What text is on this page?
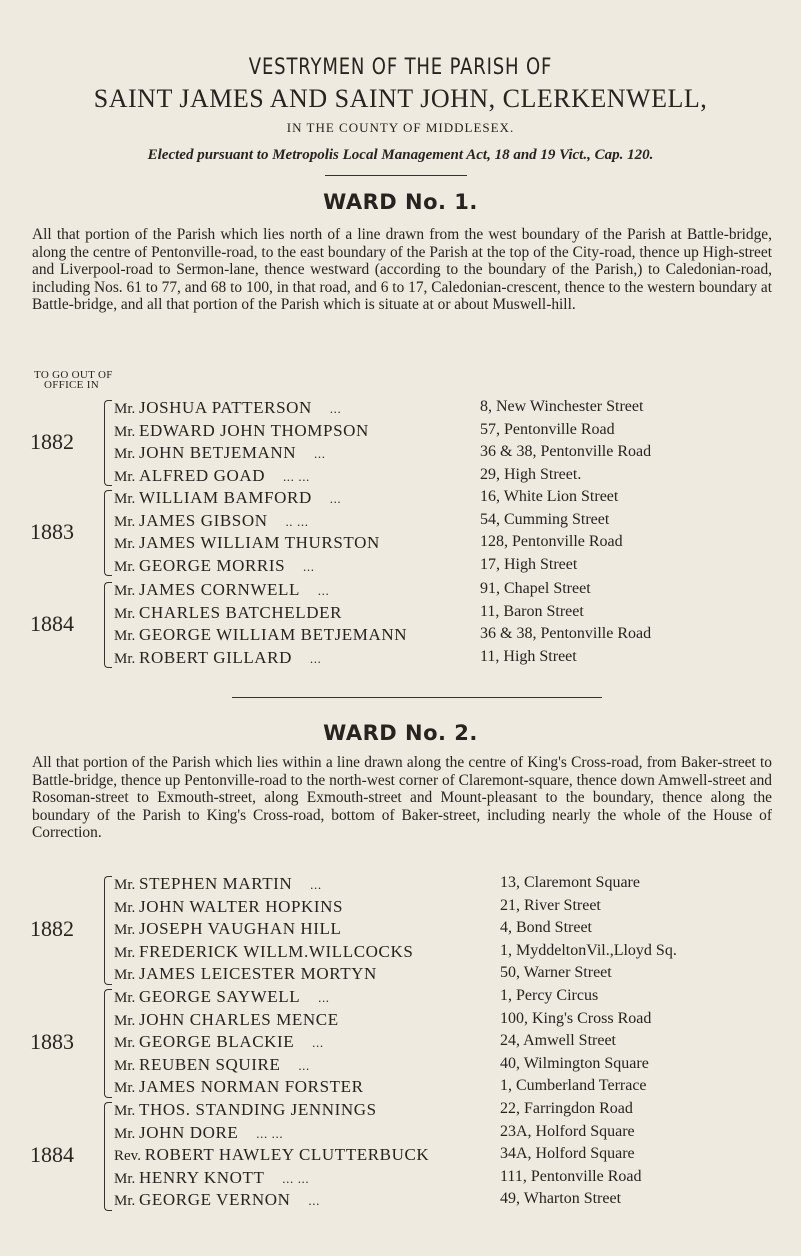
VESTRYMEN OF THE PARISH OF
SAINT JAMES AND SAINT JOHN, CLERKENWELL,
IN THE COUNTY OF MIDDLESEX.
Elected pursuant to Metropolis Local Management Act, 18 and 19 Vict., Cap. 120.
WARD No. 1.
All that portion of the Parish which lies north of a line drawn from the west boundary of the Parish at Battle-bridge, along the centre of Pentonville-road, to the east boundary of the Parish at the top of the City-road, thence up High-street and Liverpool-road to Sermon-lane, thence westward (according to the boundary of the Parish,) to Caledonian-road, including Nos. 61 to 77, and 68 to 100, in that road, and 6 to 17, Caledonian-crescent, thence to the western boundary at Battle-bridge, and all that portion of the Parish which is situate at or about Muswell-hill.
TO GO OUT OF
OFFICE IN
1882
Mr. JOSHUA PATTERSON ...	8, New Winchester Street
Mr. EDWARD JOHN THOMPSON	57, Pentonville Road
Mr. JOHN BETJEMANN ...	36 & 38, Pentonville Road
Mr. ALFRED GOAD ... ...	29, High Street.
1883
Mr. WILLIAM BAMFORD ...	16, White Lion Street
Mr. JAMES GIBSON .. ...	54, Cumming Street
Mr. JAMES WILLIAM THURSTON	128, Pentonville Road
Mr. GEORGE MORRIS ...	17, High Street
1884
Mr. JAMES CORNWELL ...	91, Chapel Street
Mr. CHARLES BATCHELDER	11, Baron Street
Mr. GEORGE WILLIAM BETJEMANN	36 & 38, Pentonville Road
Mr. ROBERT GILLARD ...	11, High Street
WARD No. 2.
All that portion of the Parish which lies within a line drawn along the centre of King's Cross-road, from Baker-street to Battle-bridge, thence up Pentonville-road to the north-west corner of Claremont-square, thence down Amwell-street and Rosoman-street to Exmouth-street, along Exmouth-street and Mount-pleasant to the boundary, thence along the boundary of the Parish to King's Cross-road, bottom of Baker-street, including nearly the whole of the House of Correction.
1882
Mr. STEPHEN MARTIN ...	13, Claremont Square
Mr. JOHN WALTER HOPKINS	21, River Street
Mr. JOSEPH VAUGHAN HILL	4, Bond Street
Mr. FREDERICK WILLM.WILLCOCKS	1, MyddeltonVil.,Lloyd Sq.
Mr. JAMES LEICESTER MORTYN	50, Warner Street
1883
Mr. GEORGE SAYWELL ...	1, Percy Circus
Mr. JOHN CHARLES MENCE	100, King's Cross Road
Mr. GEORGE BLACKIE ...	24, Amwell Street
Mr. REUBEN SQUIRE ...	40, Wilmington Square
Mr. JAMES NORMAN FORSTER	1, Cumberland Terrace
1884
Mr. THOS. STANDING JENNINGS	22, Farringdon Road
Mr. JOHN DORE ... ...	23A, Holford Square
Rev. ROBERT HAWLEY CLUTTERBUCK	34A, Holford Square
Mr. HENRY KNOTT ... ...	111, Pentonville Road
Mr. GEORGE VERNON ...	49, Wharton Street
